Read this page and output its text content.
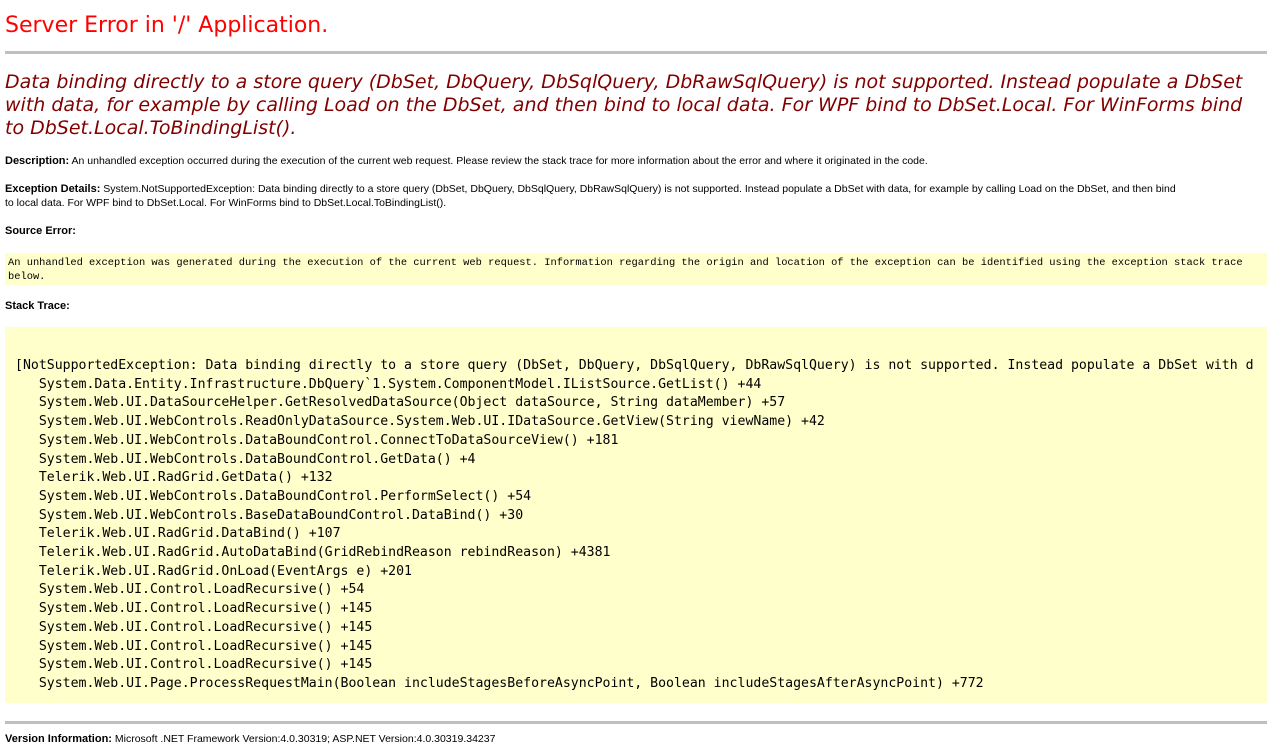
Server Error in '/' Application.
Data binding directly to a store query (DbSet, DbQuery, DbSqlQuery, DbRawSqlQuery) is not supported. Instead populate a DbSet with data, for example by calling Load on the DbSet, and then bind to local data. For WPF bind to DbSet.Local. For WinForms bind to DbSet.Local.ToBindingList().
Description: An unhandled exception occurred during the execution of the current web request. Please review the stack trace for more information about the error and where it originated in the code.
Exception Details: System.NotSupportedException: Data binding directly to a store query (DbSet, DbQuery, DbSqlQuery, DbRawSqlQuery) is not supported. Instead populate a DbSet with data, for example by calling Load on the DbSet, and then bind
to local data. For WPF bind to DbSet.Local. For WinForms bind to DbSet.Local.ToBindingList().
Source Error:
An unhandled exception was generated during the execution of the current web request. Information regarding the origin and location of the exception can be identified using the exception stack trace below.
Stack Trace:
[NotSupportedException: Data binding directly to a store query (DbSet, DbQuery, DbSqlQuery, DbRawSqlQuery) is not supported. Instead populate a DbSet with d
System.Data.Entity.Infrastructure.DbQuery`1.System.ComponentModel.IListSource.GetList() +44
System.Web.UI.DataSourceHelper.GetResolvedDataSource(Object dataSource, String dataMember) +57
System.Web.UI.WebControls.ReadOnlyDataSource.System.Web.UI.IDataSource.GetView(String viewName) +42
System.Web.UI.WebControls.DataBoundControl.ConnectToDataSourceView() +181
System.Web.UI.WebControls.DataBoundControl.GetData() +4
Telerik.Web.UI.RadGrid.GetData() +132
System.Web.UI.WebControls.DataBoundControl.PerformSelect() +54
System.Web.UI.WebControls.BaseDataBoundControl.DataBind() +30
Telerik.Web.UI.RadGrid.DataBind() +107
Telerik.Web.UI.RadGrid.AutoDataBind(GridRebindReason rebindReason) +4381
Telerik.Web.UI.RadGrid.OnLoad(EventArgs e) +201
System.Web.UI.Control.LoadRecursive() +54
System.Web.UI.Control.LoadRecursive() +145
System.Web.UI.Control.LoadRecursive() +145
System.Web.UI.Control.LoadRecursive() +145
System.Web.UI.Control.LoadRecursive() +145
System.Web.UI.Page.ProcessRequestMain(Boolean includeStagesBeforeAsyncPoint, Boolean includeStagesAfterAsyncPoint) +772
Version Information: Microsoft .NET Framework Version:4.0.30319; ASP.NET Version:4.0.30319.34237
